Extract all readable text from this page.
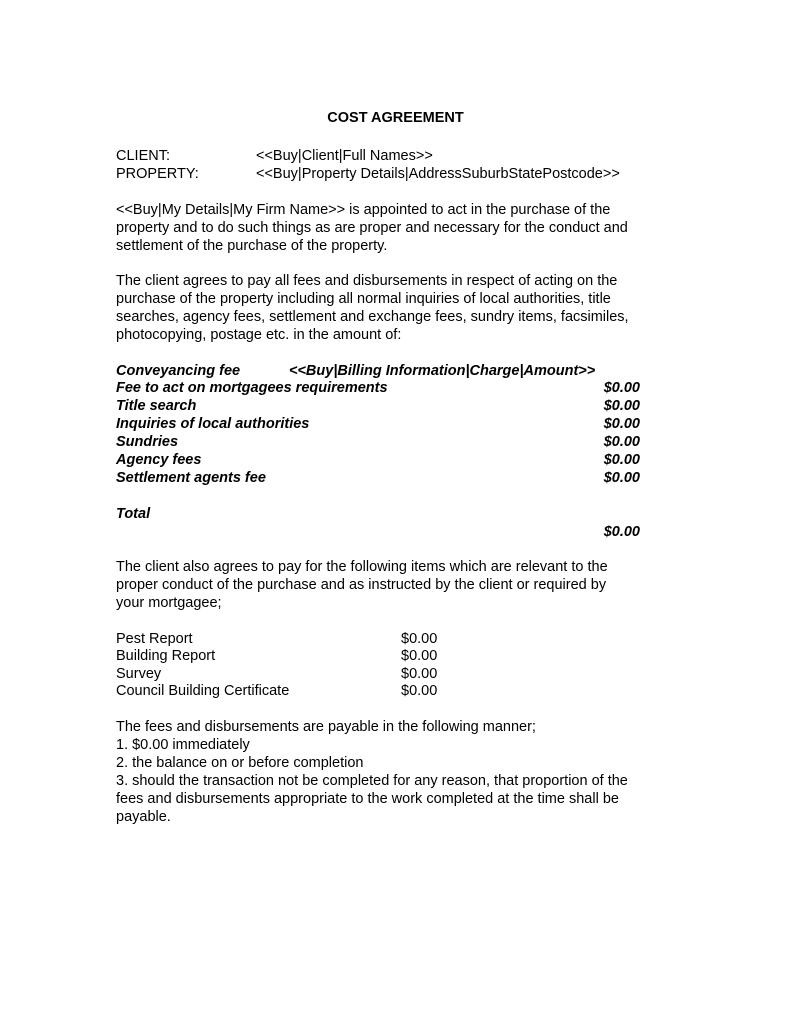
COST AGREEMENT
CLIENT:	<<Buy|Client|Full Names>>
PROPERTY:	<<Buy|Property Details|AddressSuburbStatePostcode>>

<<Buy|My Details|My Firm Name>> is appointed to act in the purchase of the

property and to do such things as are proper and necessary for the conduct and

settlement of the purchase of the property.

The client agrees to pay all fees and disbursements in respect of acting on the

purchase of the property including all normal inquiries of local authorities, title

searches, agency fees, settlement and exchange fees, sundry items, facsimiles,

photocopying, postage etc. in the amount of:

Conveyancing fee	<<Buy|Billing Information|Charge|Amount>>
Fee to act on mortgagees requirements	$0.00
Title search	$0.00
Inquiries of local authorities	$0.00
Sundries	$0.00
Agency fees	$0.00
Settlement agents fee	$0.00
Total
$0.00

The client also agrees to pay for the following items which are relevant to the

proper conduct of the purchase and as instructed by the client or required by

your mortgagee;

Pest Report	$0.00
Building Report	$0.00
Survey	$0.00
Council Building Certificate	$0.00

The fees and disbursements are payable in the following manner;

1. $0.00 immediately

2. the balance on or before completion

3. should the transaction not be completed for any reason, that proportion of the

fees and disbursements appropriate to the work completed at the time shall be

payable.
